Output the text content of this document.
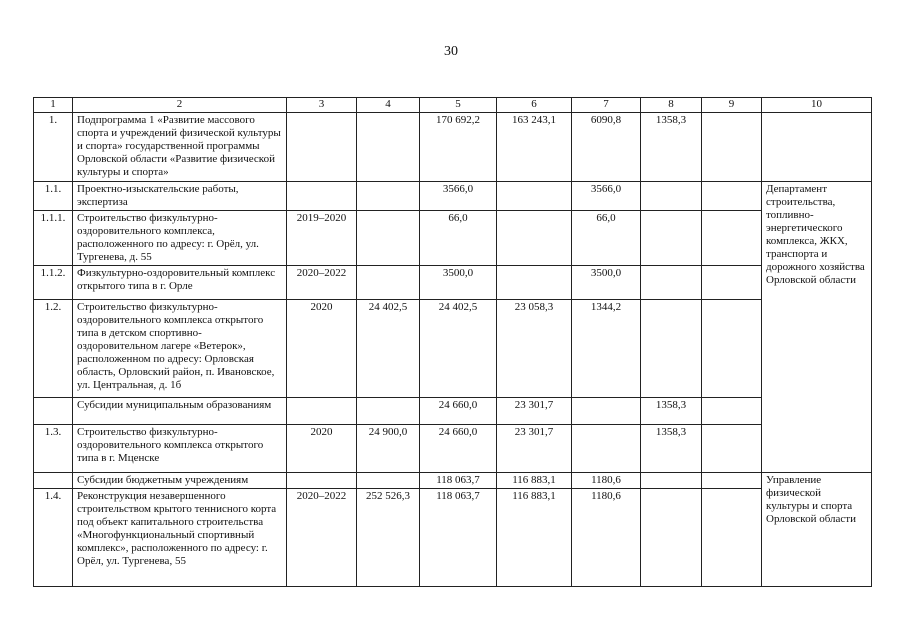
30
1	2	3	4	5	6	7	8	9	10	
1.	Подпрограмма 1 «Развитие массового спорта и учреждений физической культуры и спорта» государственной программы Орловской области «Развитие физической культуры и спорта»			170 692,2	163 243,1	6090,8	1358,3			
1.1.	Проектно-изыскательские работы, экспертиза			3566,0		3566,0			Департамент строительства, топливно-энергетического комплекса, ЖКХ, транспорта и дорожного хозяйства Орловской области	
1.1.1.	Строительство физкультурно-оздоровительного комплекса, расположенного по адресу: г. Орёл, ул. Тургенева, д. 55	2019–2020		66,0		66,0				
1.1.2.	Физкультурно-оздоровительный комплекс открытого типа в г. Орле	2020–2022		3500,0		3500,0				
1.2.	Строительство физкультурно-оздоровительного комплекса открытого типа в детском спортивно-оздоровительном лагере «Ветерок», расположенном по адресу: Орловская область, Орловский район, п. Ивановское, ул. Центральная, д. 1б	2020	24 402,5	24 402,5	23 058,3	1344,2				
	Субсидии муниципальным образованиям			24 660,0	23 301,7		1358,3			
1.3.	Строительство физкультурно-оздоровительного комплекса открытого типа в г. Мценске	2020	24 900,0	24 660,0	23 301,7		1358,3			
	Субсидии бюджетным учреждениям			118 063,7	116 883,1	1180,6			Управление физической культуры и спорта Орловской области	
1.4.	Реконструкция незавершенного строительством крытого теннисного корта под объект капитального строительства «Многофункциональный спортивный комплекс», расположенного по адресу: г. Орёл, ул. Тургенева, 55	2020–2022	252 526,3	118 063,7	116 883,1	1180,6				
